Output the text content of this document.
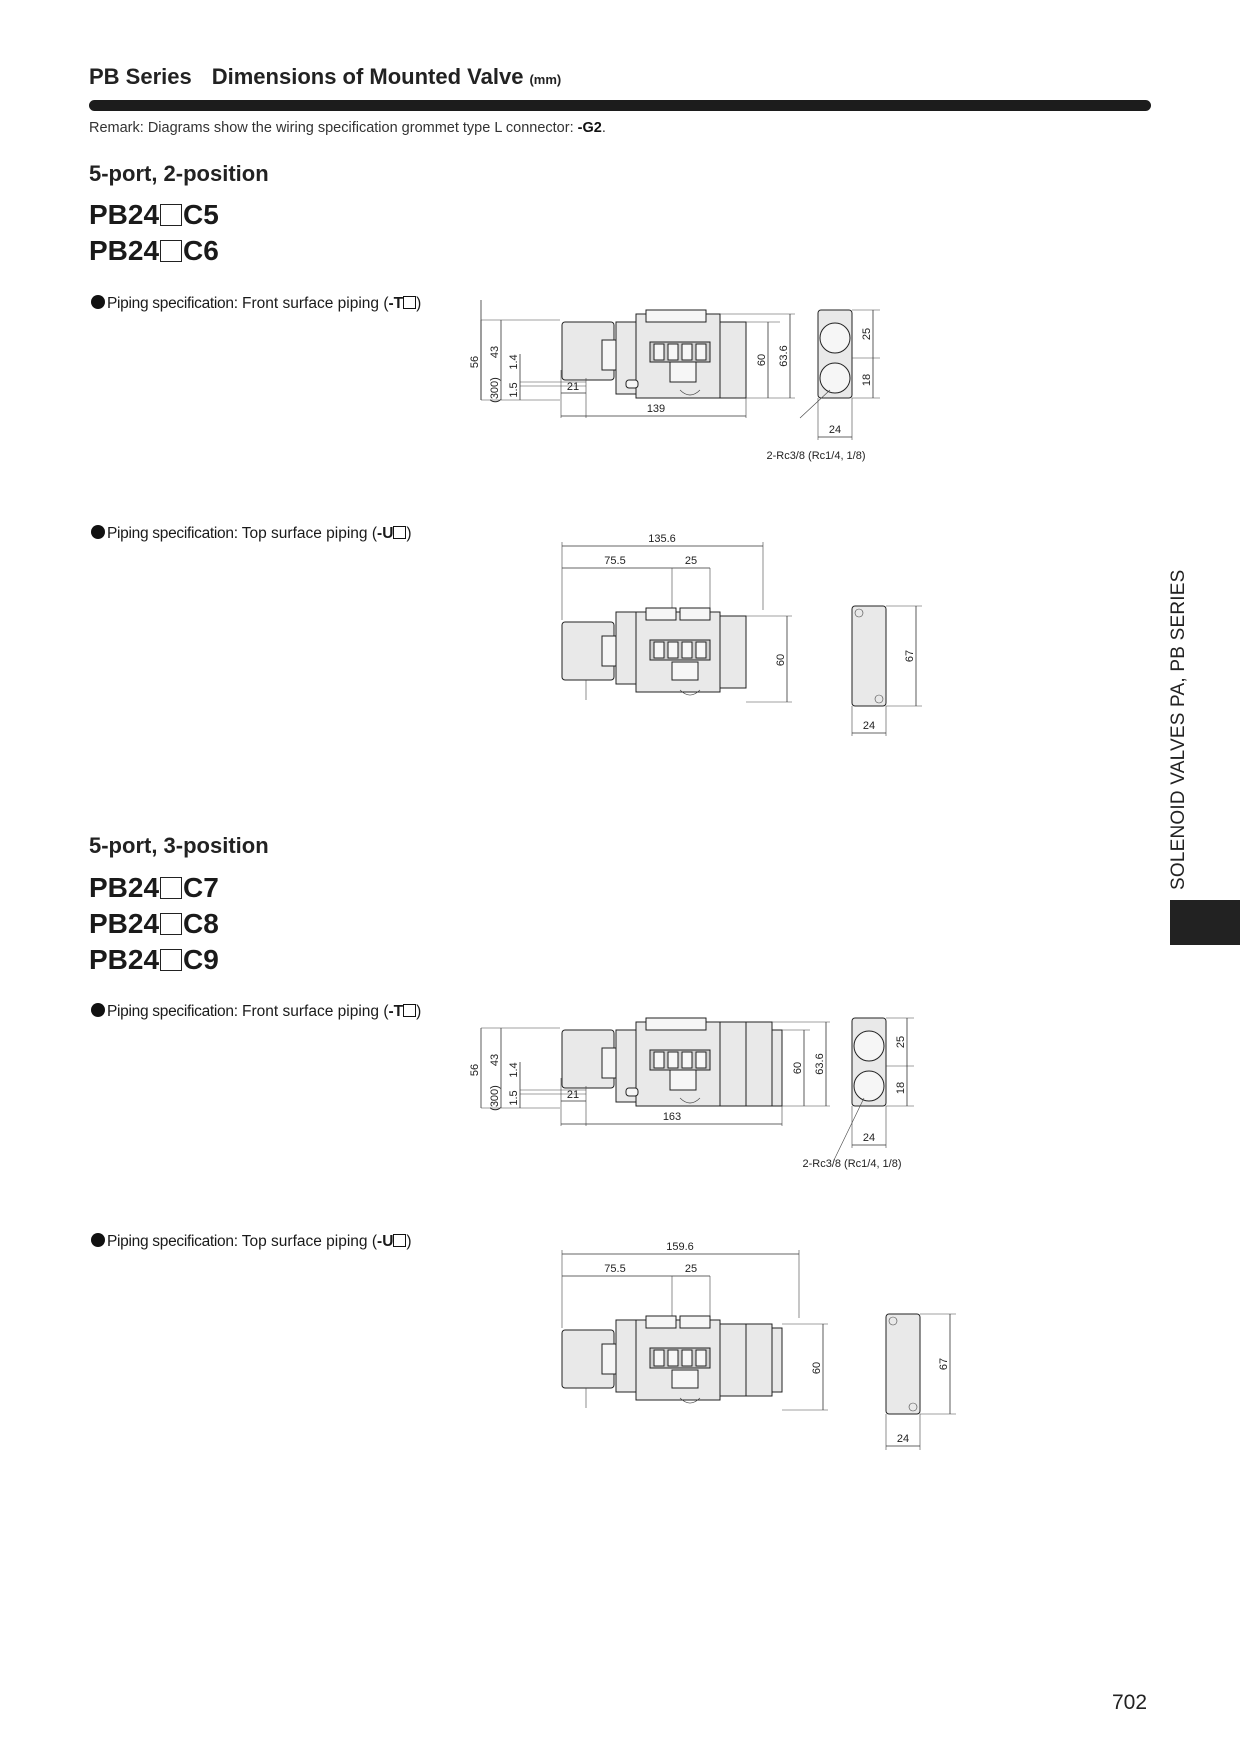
PB Series Dimensions of Mounted Valve (mm)
Remark: Diagrams show the wiring specification grommet type L connector: -G2.
5-port, 2-position
PB24 C5
PB24 C6
Piping specification: Front surface piping (-T )
56
43
1.4
1.5
(300)	21
139
60 63.6
25
18
24
2-Rc3/8 (Rc1/4, 1/8)
Piping specification: Top surface piping (-U )	135.6
75.5	25
60	67
24
5-port, 3-position
PB24 C7
PB24 C8
PB24 C9
Piping specification: Front surface piping (-T )
56
43
1.4
1.5
(300)	21
163
60 63.6
25
18
24
2-Rc3/8 (Rc1/4, 1/8)
Piping specification: Top surface piping (-U )	159.6
75.5	25
60	67
24
SOLENOID VALVES PA, PB SERIES
702
